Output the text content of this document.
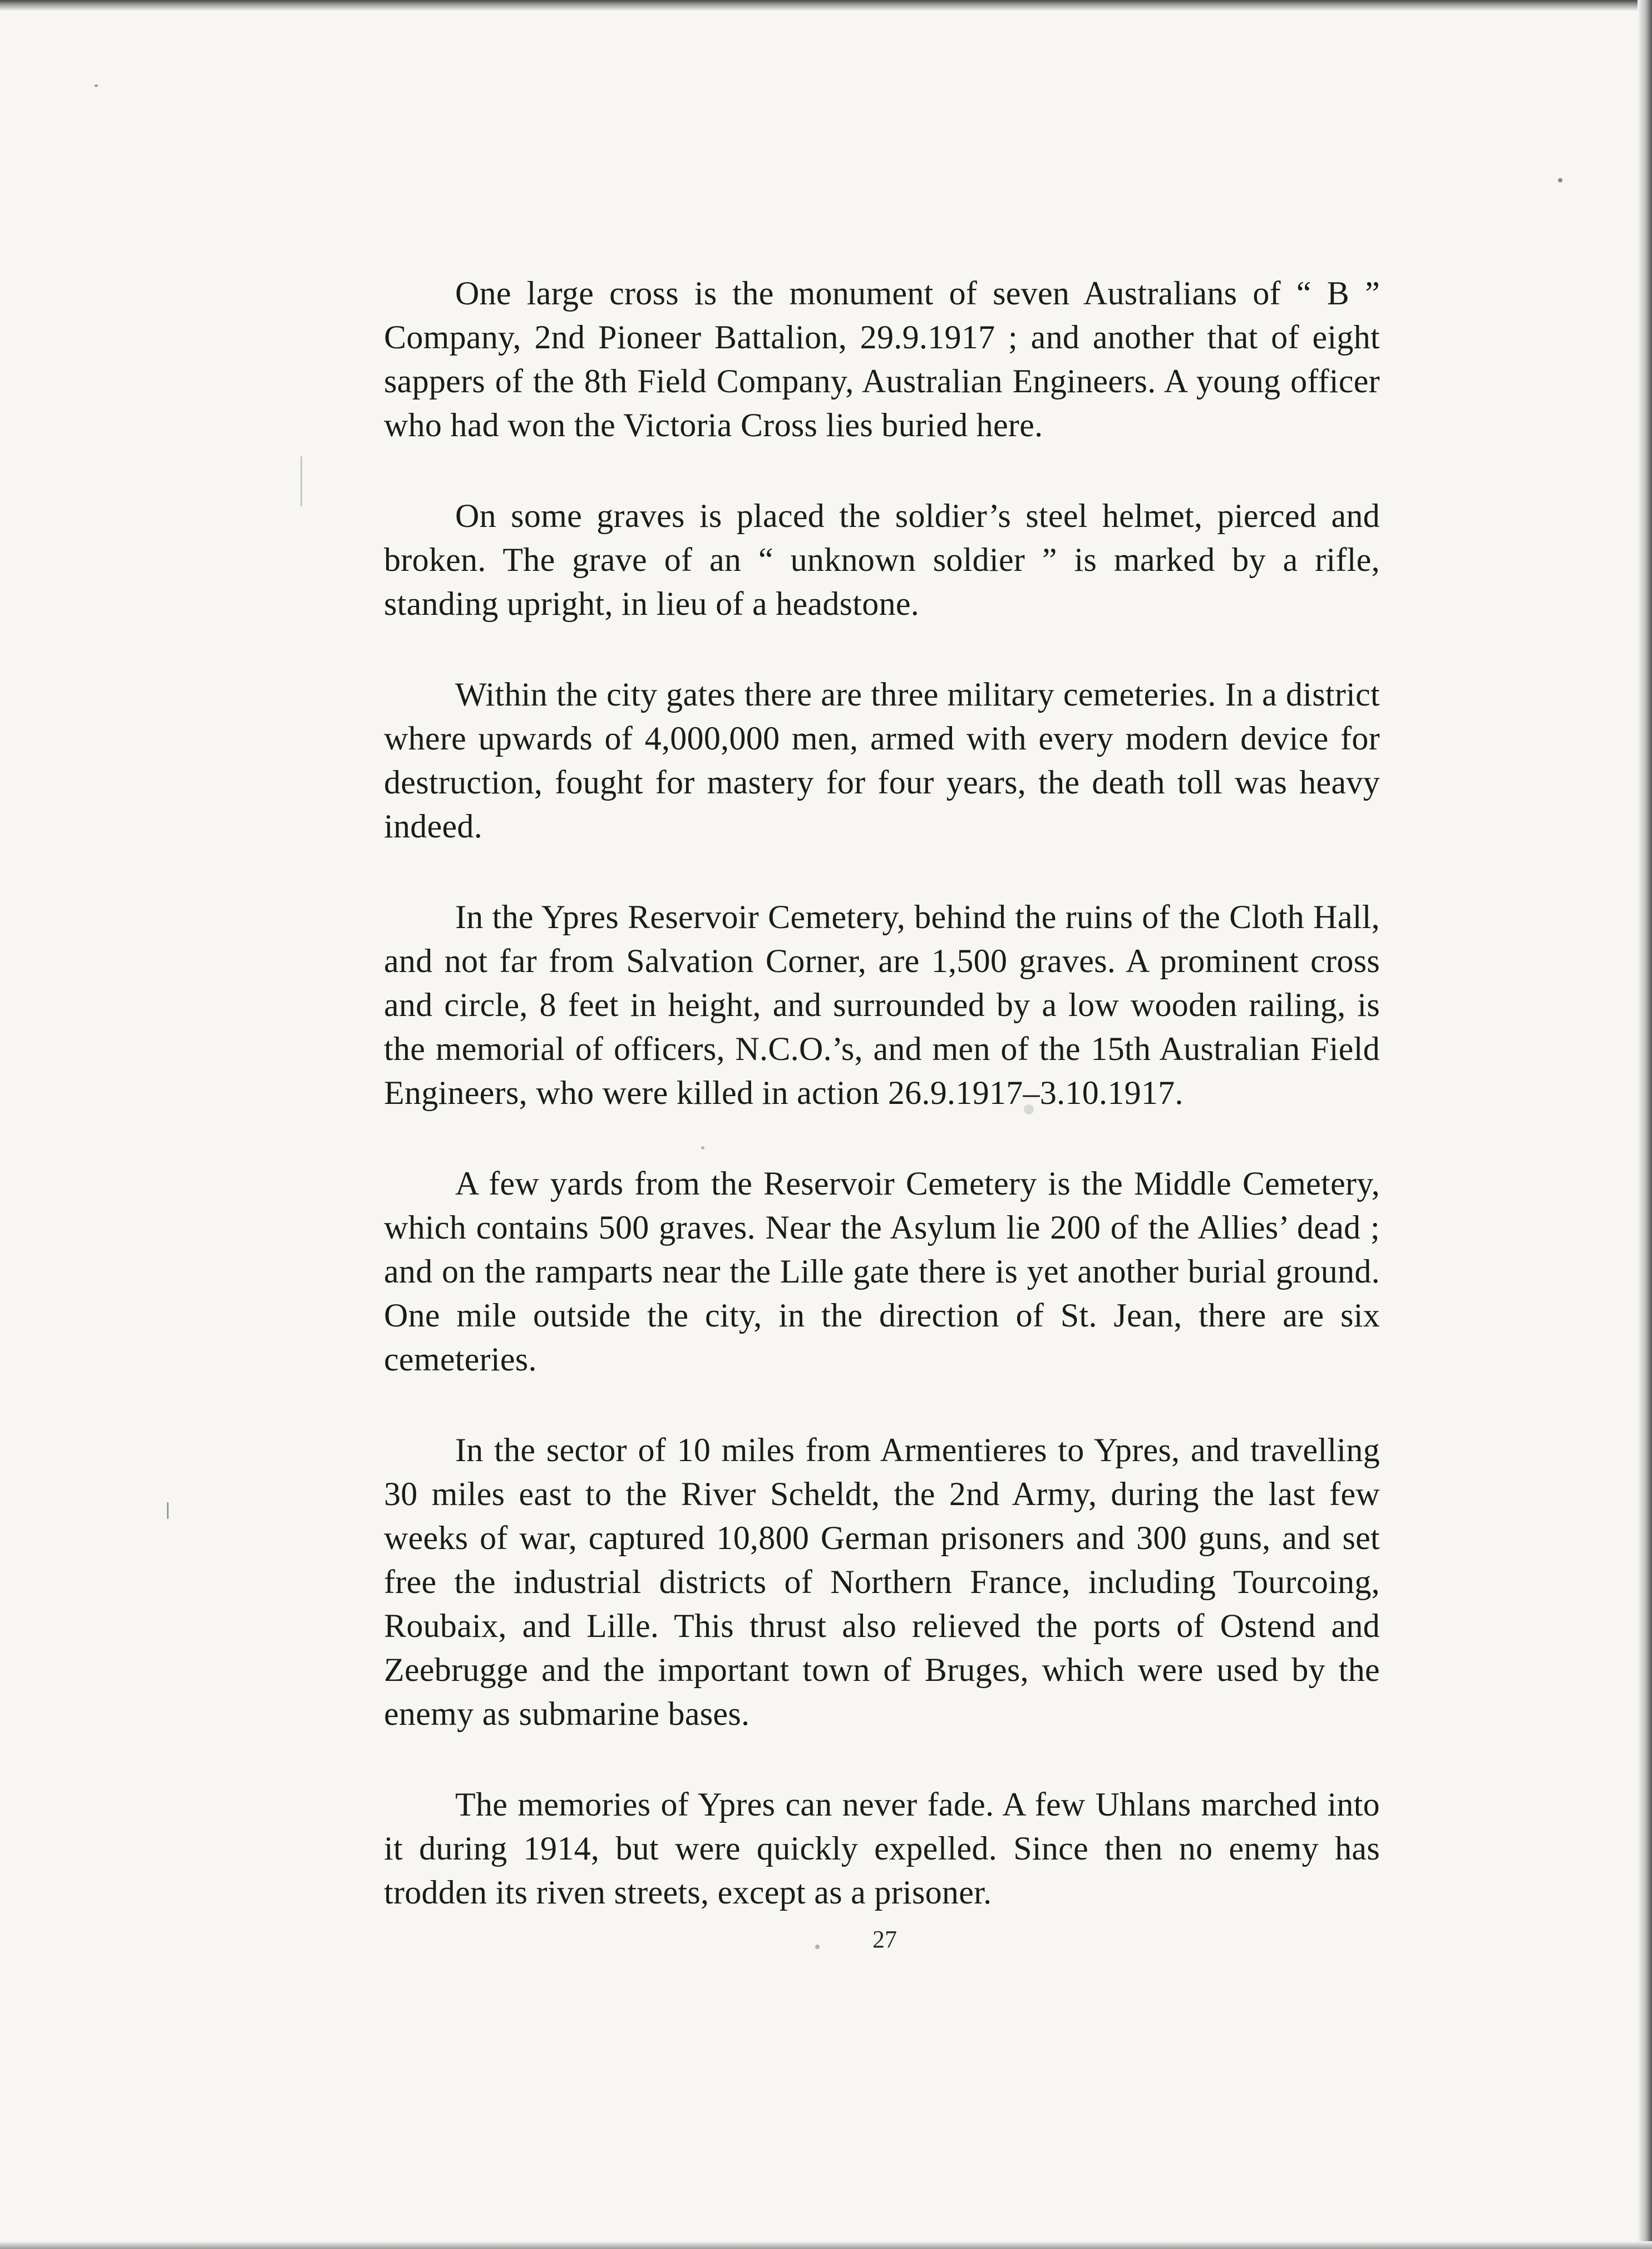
One large cross is the monument of seven Australians of “ B ” Company, 2nd Pioneer Battalion, 29.9.1917 ; and another that of eight sappers of the 8th Field Company, Australian Engineers. A young officer who had won the Victoria Cross lies buried here.

On some graves is placed the soldier’s steel helmet, pierced and broken. The grave of an “ unknown soldier ” is marked by a rifle, standing upright, in lieu of a headstone.

Within the city gates there are three military cemeteries. In a district where upwards of 4,000,000 men, armed with every modern device for destruction, fought for mastery for four years, the death toll was heavy indeed.

In the Ypres Reservoir Cemetery, behind the ruins of the Cloth Hall, and not far from Salvation Corner, are 1,500 graves. A prominent cross and circle, 8 feet in height, and surrounded by a low wooden railing, is the memorial of officers, N.C.O.’s, and men of the 15th Australian Field Engineers, who were killed in action 26.9.1917–3.10.1917.

A few yards from the Reservoir Cemetery is the Middle Cemetery, which contains 500 graves. Near the Asylum lie 200 of the Allies’ dead ; and on the ramparts near the Lille gate there is yet another burial ground. One mile outside the city, in the direction of St. Jean, there are six cemeteries.

In the sector of 10 miles from Armentieres to Ypres, and travelling 30 miles east to the River Scheldt, the 2nd Army, during the last few weeks of war, captured 10,800 German prisoners and 300 guns, and set free the industrial districts of Northern France, including Tourcoing, Roubaix, and Lille. This thrust also relieved the ports of Ostend and Zeebrugge and the important town of Bruges, which were used by the enemy as submarine bases.

The memories of Ypres can never fade. A few Uhlans marched into it during 1914, but were quickly expelled. Since then no enemy has trodden its riven streets, except as a prisoner.

27
